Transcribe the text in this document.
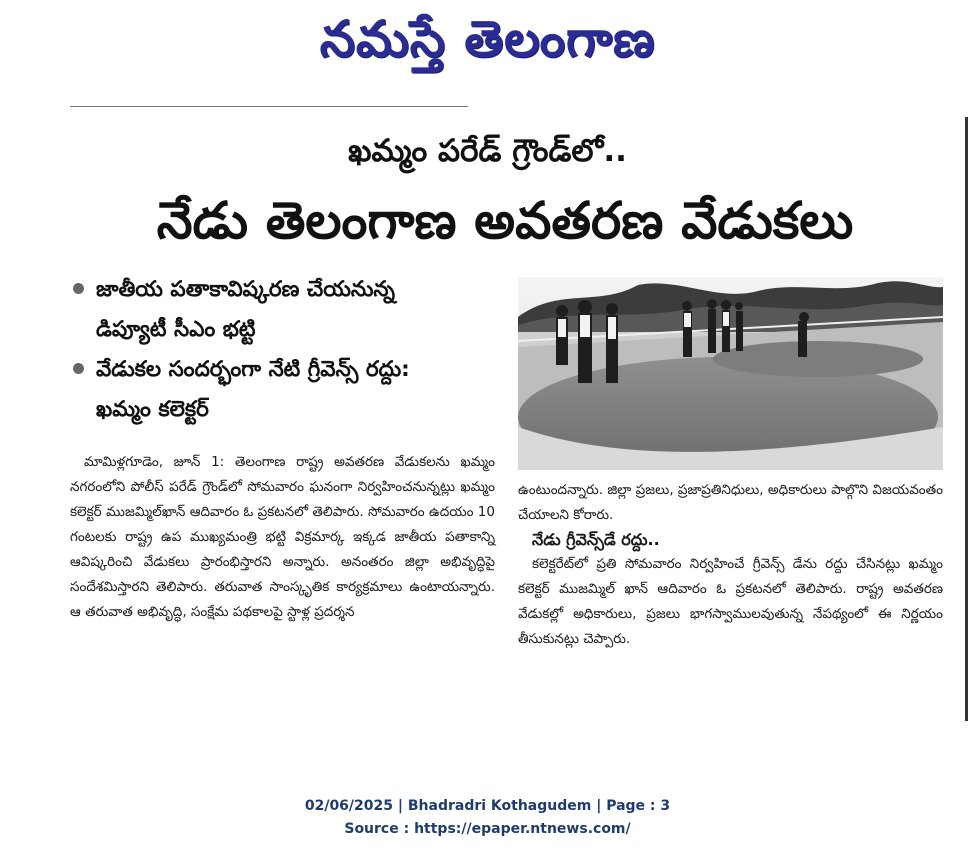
నమస్తే తెలంగాణ
ఖమ్మం పరేడ్ గ్రౌండ్‌లో..
నేడు తెలంగాణ అవతరణ వేడుకలు
జాతీయ పతాకావిష్కరణ చేయనున్న
డిప్యూటీ సీఎం భట్టి
వేడుకల సందర్భంగా నేటి గ్రీవెన్స్ రద్దు:
ఖమ్మం కలెక్టర్
మామిళ్లగూడెం, జూన్ 1: తెలంగాణ రాష్ట్ర అవతరణ వేడుకలను ఖమ్మం నగరంలోని పోలీస్ పరేడ్ గ్రౌండ్‌లో సోమవారం ఘనంగా నిర్వహించనున్నట్లు ఖమ్మం కలెక్టర్ ముజమ్మిల్‌ఖాన్ ఆదివారం ఓ ప్రకటనలో తెలిపారు. సోమవారం ఉదయం 10 గంటలకు రాష్ట్ర ఉప ముఖ్యమంత్రి భట్టి విక్రమార్క ఇక్కడ జాతీయ పతాకాన్ని ఆవిష్కరించి వేడుకలు ప్రారంభిస్తారని అన్నారు. అనంతరం జిల్లా అభివృద్ధిపై సందేశమిస్తారని తెలిపారు. తరువాత సాంస్కృతిక కార్యక్రమాలు ఉంటాయన్నారు. ఆ తరువాత అభివృద్ధి, సంక్షేమ పథకాలపై స్టాళ్ల ప్రదర్శన
ఉంటుందన్నారు. జిల్లా ప్రజలు, ప్రజాప్రతినిధులు, అధికారులు పాల్గొని విజయవంతం చేయాలని కోరారు.
నేడు గ్రీవెన్స్‌డే రద్దు..
కలెక్టరేట్‌లో ప్రతి సోమవారం నిర్వహించే గ్రీవెన్స్ డేను రద్దు చేసినట్లు ఖమ్మం కలెక్టర్ ముజమ్మిల్ ఖాన్ ఆదివారం ఓ ప్రకటనలో తెలిపారు. రాష్ట్ర అవతరణ వేడుకల్లో అధికారులు, ప్రజలు భాగస్వాములవుతున్న నేపథ్యంలో ఈ నిర్ణయం తీసుకునట్లు చెప్పారు.
02/06/2025 | Bhadradri Kothagudem | Page : 3
Source : https://epaper.ntnews.com/
